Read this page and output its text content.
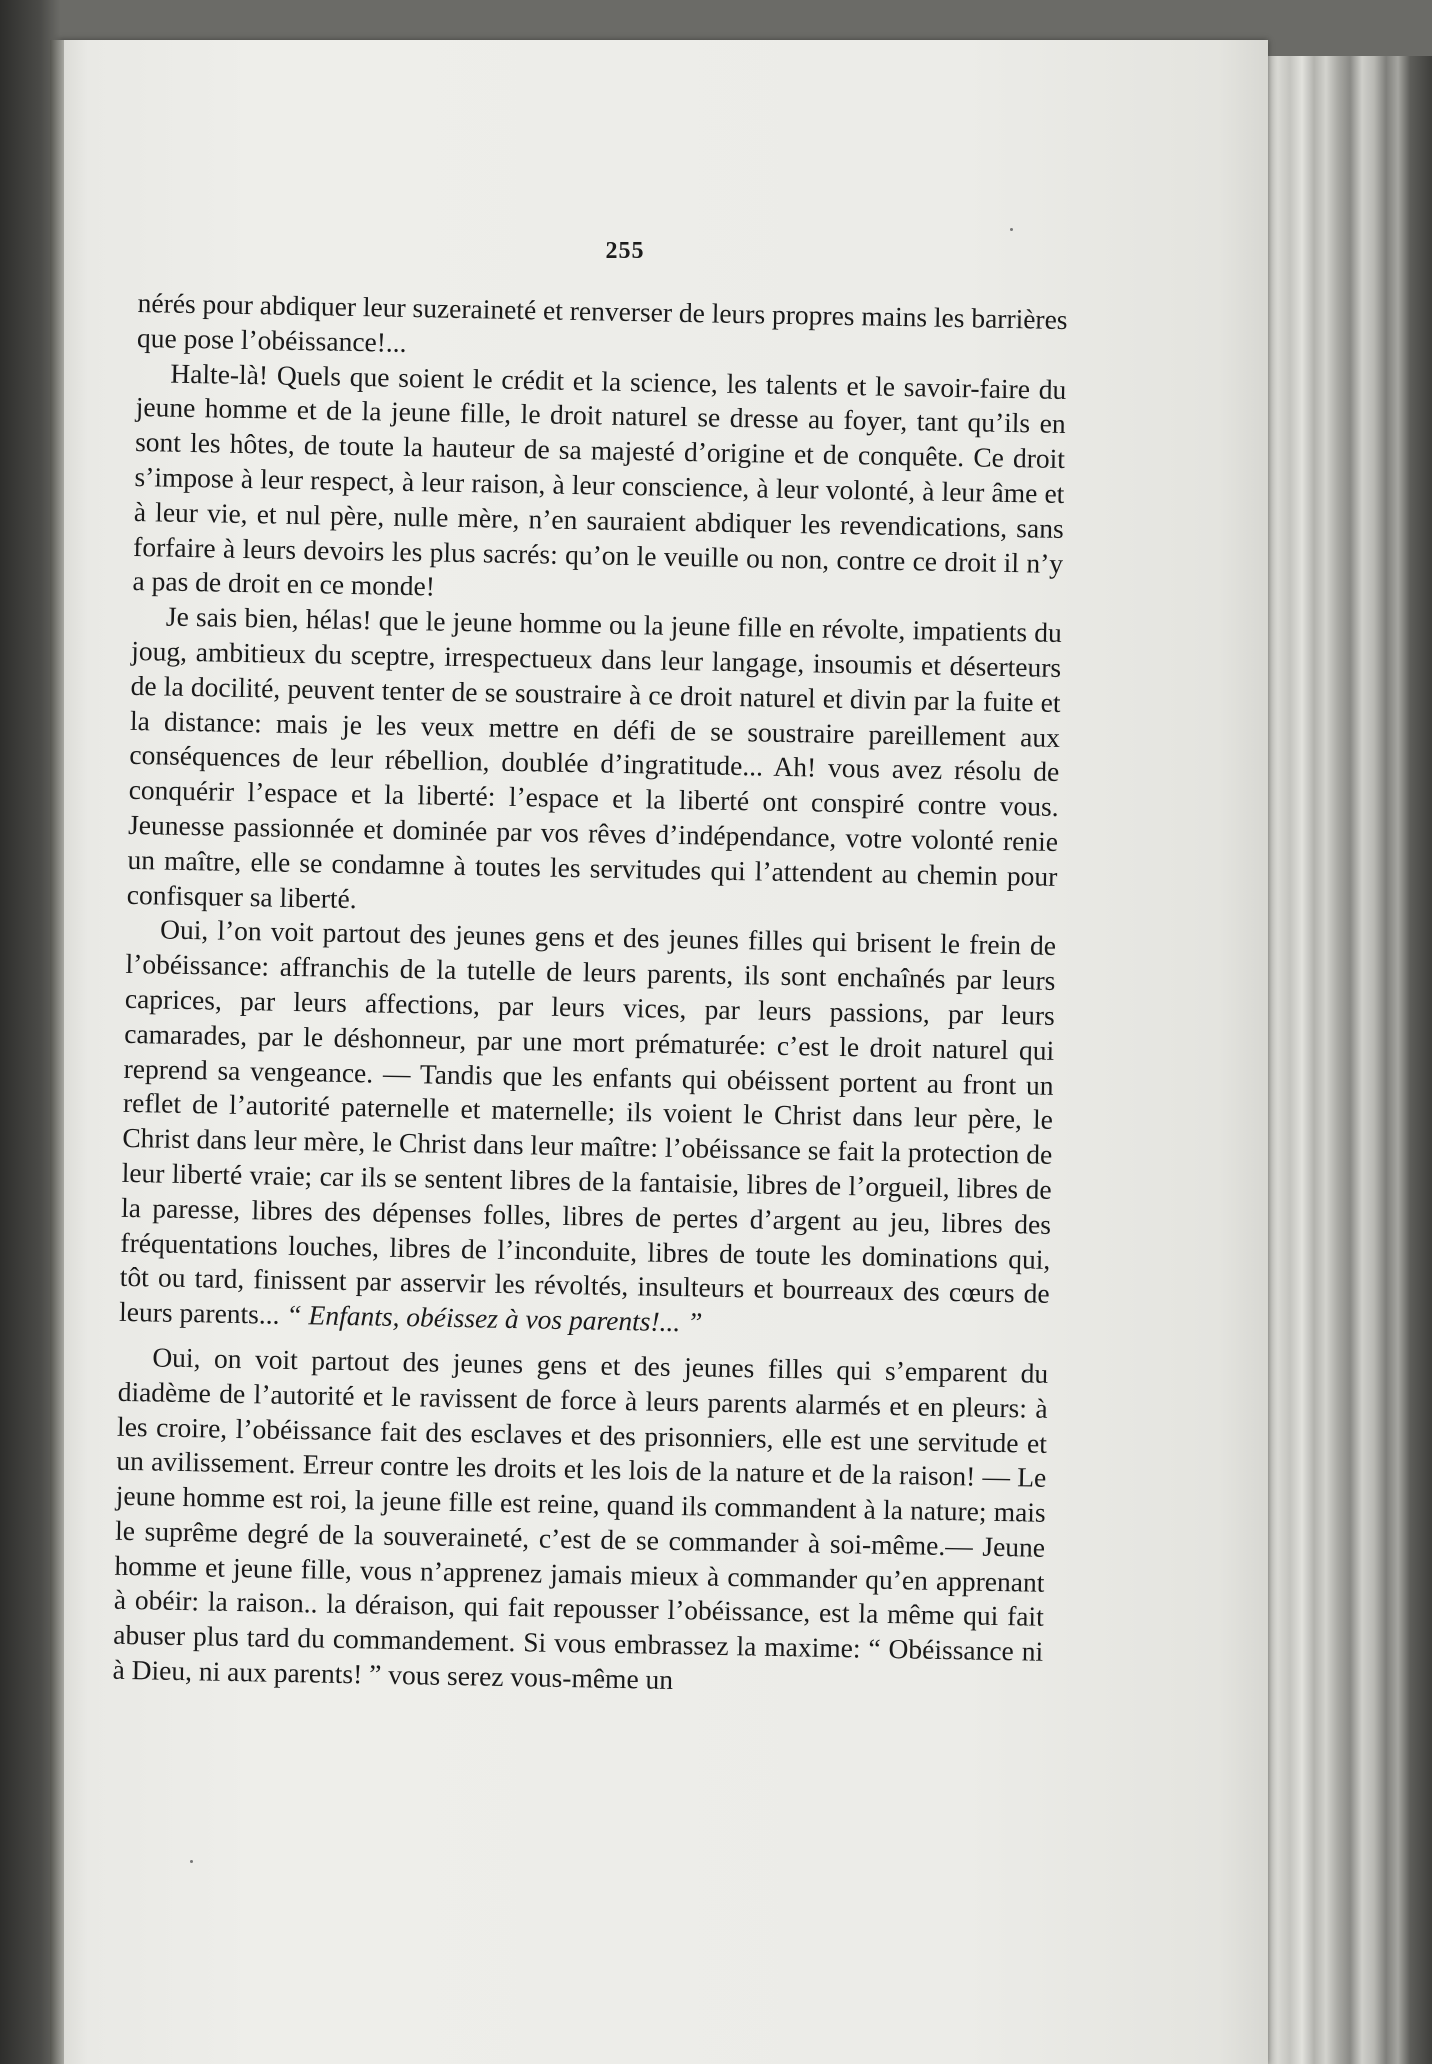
255

nérés pour abdiquer leur suzeraineté et renverser de leurs propres mains les barrières que pose l’obéissance!...

Halte-là! Quels que soient le crédit et la science, les talents et le savoir-faire du jeune homme et de la jeune fille, le droit naturel se dresse au foyer, tant qu’ils en sont les hôtes, de toute la hauteur de sa majesté d’origine et de conquête. Ce droit s’impose à leur respect, à leur raison, à leur conscience, à leur volonté, à leur âme et à leur vie, et nul père, nulle mère, n’en sauraient abdiquer les revendications, sans forfaire à leurs devoirs les plus sacrés: qu’on le veuille ou non, contre ce droit il n’y a pas de droit en ce monde!

Je sais bien, hélas! que le jeune homme ou la jeune fille en révolte, impatients du joug, ambitieux du sceptre, irrespectueux dans leur langage, insoumis et déserteurs de la docilité, peuvent tenter de se soustraire à ce droit naturel et divin par la fuite et la distance: mais je les veux mettre en défi de se soustraire pareillement aux conséquences de leur rébellion, doublée d’ingratitude... Ah! vous avez résolu de conquérir l’espace et la liberté: l’espace et la liberté ont conspiré contre vous. Jeunesse passionnée et dominée par vos rêves d’indépendance, votre volonté renie un maître, elle se condamne à toutes les servitudes qui l’attendent au chemin pour confisquer sa liberté.

Oui, l’on voit partout des jeunes gens et des jeunes filles qui brisent le frein de l’obéissance: affranchis de la tutelle de leurs parents, ils sont enchaînés par leurs caprices, par leurs affections, par leurs vices, par leurs passions, par leurs camarades, par le déshonneur, par une mort prématurée: c’est le droit naturel qui reprend sa vengeance. — Tandis que les enfants qui obéissent portent au front un reflet de l’autorité paternelle et maternelle; ils voient le Christ dans leur père, le Christ dans leur mère, le Christ dans leur maître: l’obéissance se fait la protection de leur liberté vraie; car ils se sentent libres de la fantaisie, libres de l’orgueil, libres de la paresse, libres des dépenses folles, libres de pertes d’argent au jeu, libres des fréquentations louches, libres de l’inconduite, libres de toute les dominations qui, tôt ou tard, finissent par asservir les révoltés, insulteurs et bourreaux des cœurs de leurs parents... “ Enfants, obéissez à vos parents!... ”

Oui, on voit partout des jeunes gens et des jeunes filles qui s’emparent du diadème de l’autorité et le ravissent de force à leurs parents alarmés et en pleurs: à les croire, l’obéissance fait des esclaves et des prisonniers, elle est une servitude et un avilissement. Erreur contre les droits et les lois de la nature et de la raison! — Le jeune homme est roi, la jeune fille est reine, quand ils commandent à la nature; mais le suprême degré de la souveraineté, c’est de se commander à soi-même.— Jeune homme et jeune fille, vous n’apprenez jamais mieux à commander qu’en apprenant à obéir: la raison.. la déraison, qui fait repousser l’obéissance, est la même qui fait abuser plus tard du commandement. Si vous embrassez la maxime: “ Obéissance ni à Dieu, ni aux parents! ” vous serez vous-même un
